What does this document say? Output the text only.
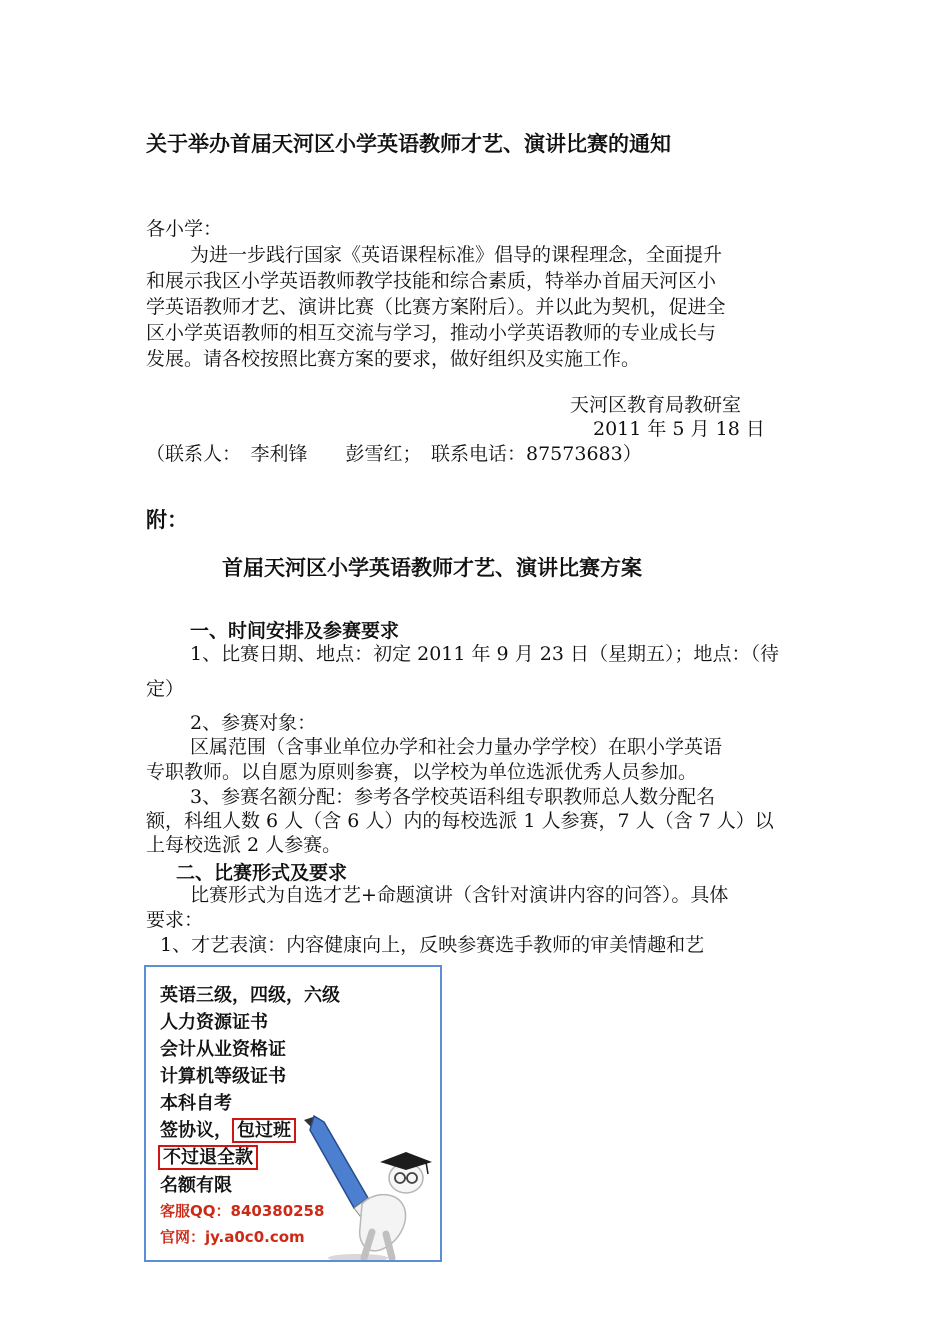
关于举办首届天河区小学英语教师才艺、演讲比赛的通知
各小学：
为进一步践行国家《英语课程标准》倡导的课程理念，全面提升
和展示我区小学英语教师教学技能和综合素质，特举办首届天河区小
学英语教师才艺、演讲比赛（比赛方案附后）。并以此为契机，促进全
区小学英语教师的相互交流与学习，推动小学英语教师的专业成长与
发展。请各校按照比赛方案的要求，做好组织及实施工作。
天河区教育局教研室
2011 年 5 月 18 日
（联系人：　李利锋　　彭雪红；　联系电话：87573683）
附：
首届天河区小学英语教师才艺、演讲比赛方案
一、时间安排及参赛要求
1、比赛日期、地点：初定 2011 年 9 月 23 日（星期五）；地点：（待
定）
2、参赛对象：
区属范围（含事业单位办学和社会力量办学学校）在职小学英语
专职教师。以自愿为原则参赛，以学校为单位选派优秀人员参加。
3、参赛名额分配：参考各学校英语科组专职教师总人数分配名
额，科组人数 6 人（含 6 人）内的每校选派 1 人参赛，7 人（含 7 人）以
上每校选派 2 人参赛。
二、比赛形式及要求
比赛形式为自选才艺+命题演讲（含针对演讲内容的问答）。具体
要求：
1、才艺表演：内容健康向上，反映参赛选手教师的审美情趣和艺
英语三级，四级，六级
人力资源证书
会计从业资格证
计算机等级证书
本科自考
签协议， 包过班
不过退全款
名额有限
客服QQ：840380258
官网：jy.a0c0.com
